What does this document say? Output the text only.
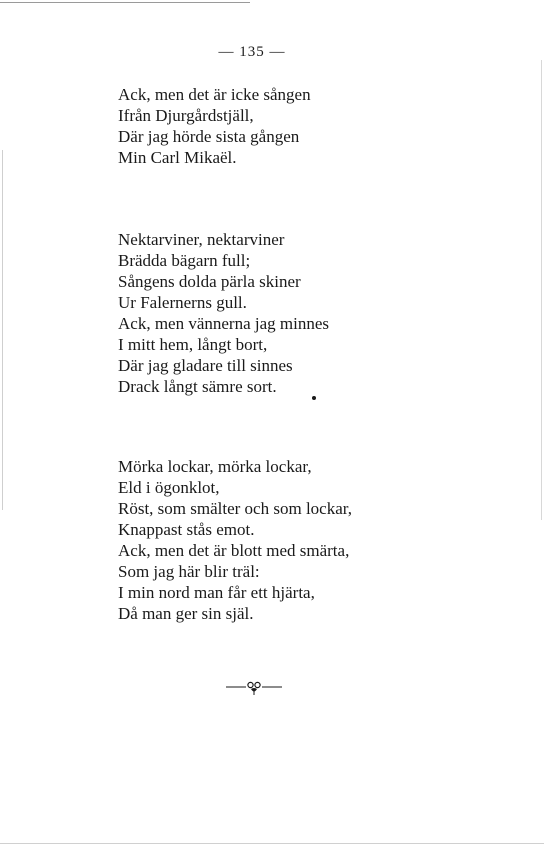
— 135 —
Ack, men det är icke sången
Ifrån Djurgårdstjäll,
Där jag hörde sista gången
Min Carl Mikaël.
Nektarviner, nektarviner
Brädda bägarn full;
Sångens dolda pärla skiner
Ur Falernerns gull.
Ack, men vännerna jag minnes
I mitt hem, långt bort,
Där jag gladare till sinnes
Drack långt sämre sort.
Mörka lockar, mörka lockar,
Eld i ögonklot,
Röst, som smälter och som lockar,
Knappast stås emot.
Ack, men det är blott med smärta,
Som jag här blir träl:
I min nord man får ett hjärta,
Då man ger sin själ.
